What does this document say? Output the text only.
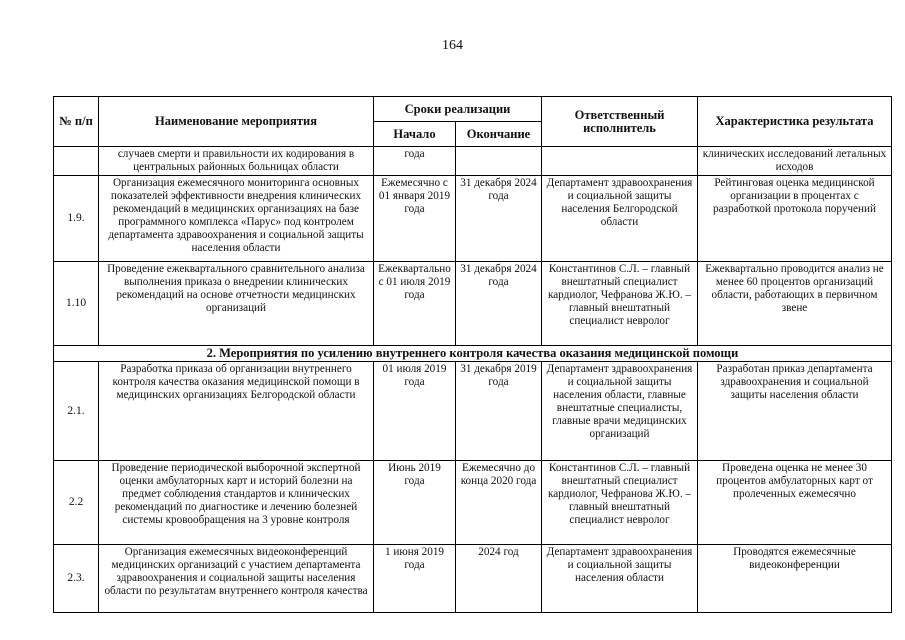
164
№ п/п	Наименование мероприятия	Сроки реализации		Ответственный исполнитель	Характеристика результата
		Начало	Окончание		
	случаев смерти и правильности их кодирования в центральных районных больницах области	года			клинических исследований летальных исходов
1.9.	Организация ежемесячного мониторинга основных показателей эффективности внедрения клинических рекомендаций в медицинских организациях на базе программного комплекса «Парус» под контролем департамента здравоохранения и социальной защиты населения области	Ежемесячно с 01 января 2019 года	31 декабря 2024 года	Департамент здравоохранения и социальной защиты населения Белгородской области	Рейтинговая оценка медицинской организации в процентах с разработкой протокола поручений
1.10	Проведение ежеквартального сравнительного анализа выполнения приказа о внедрении клинических рекомендаций на основе отчетности медицинских организаций	Ежеквартально с 01 июля 2019 года	31 декабря 2024 года	Константинов С.Л. – главный внештатный специалист кардиолог, Чефранова Ж.Ю. – главный внештатный специалист невролог	Ежеквартально проводится анализ не менее 60 процентов организаций области, работающих в первичном звене
2. Мероприятия по усилению внутреннего контроля качества оказания медицинской помощи					
2.1.	Разработка приказа об организации внутреннего контроля качества оказания медицинской помощи в медицинских организациях Белгородской области	01 июля 2019 года	31 декабря 2019 года	Департамент здравоохранения и социальной защиты населения области, главные внештатные специалисты, главные врачи медицинских организаций	Разработан приказ департамента здравоохранения и социальной защиты населения области
2.2	Проведение периодической выборочной экспертной оценки амбулаторных карт и историй болезни на предмет соблюдения стандартов и клинических рекомендаций по диагностике и лечению болезней системы кровообращения на 3 уровне контроля	Июнь 2019 года	Ежемесячно до конца 2020 года	Константинов С.Л. – главный внештатный специалист кардиолог, Чефранова Ж.Ю. – главный внештатный специалист невролог	Проведена оценка не менее 30 процентов амбулаторных карт от пролеченных ежемесячно
2.3.	Организация ежемесячных видеоконференций медицинских организаций с участием департамента здравоохранения и социальной защиты населения области по результатам внутреннего контроля качества	1 июня 2019 года	2024 год	Департамент здравоохранения и социальной защиты населения области	Проводятся ежемесячные видеоконференции
